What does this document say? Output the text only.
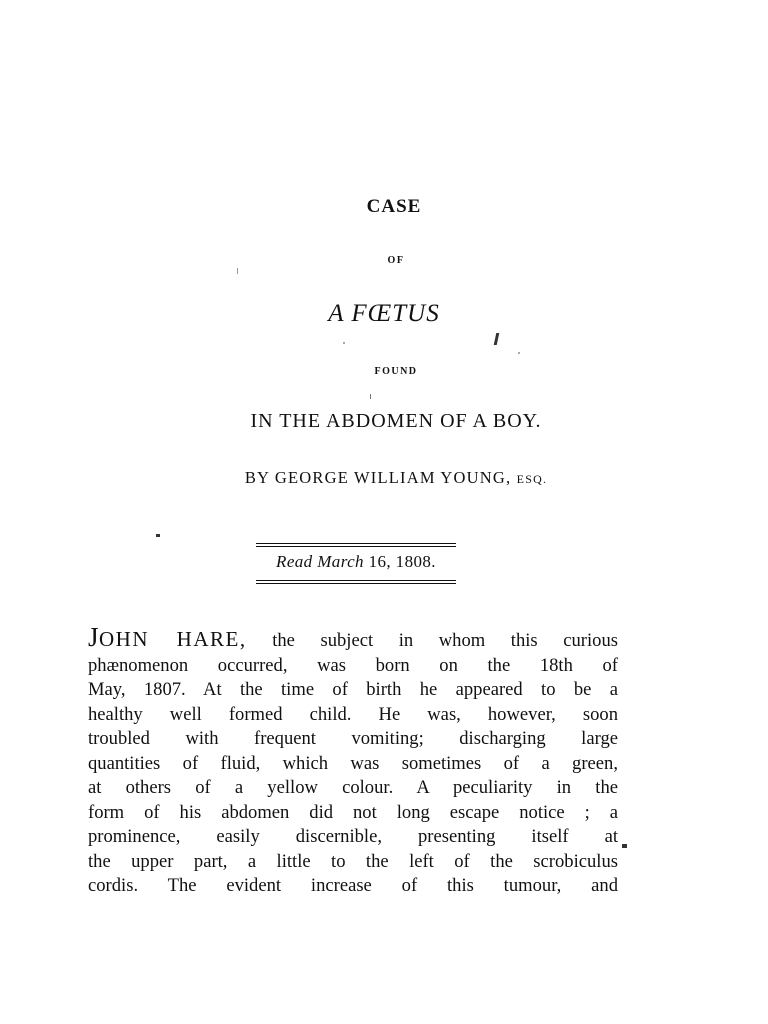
CASE
OF
A FŒTUS
FOUND
IN THE ABDOMEN OF A BOY.
BY GEORGE WILLIAM YOUNG, ESQ.
Read March 16, 1808.
JOHN HARE, the subject in whom this curious
phænomenon occurred, was born on the 18th of
May, 1807. At the time of birth he appeared to be a
healthy well formed child. He was, however, soon
troubled with frequent vomiting; discharging large
quantities of fluid, which was sometimes of a green,
at others of a yellow colour. A peculiarity in the
form of his abdomen did not long escape notice ; a
prominence, easily discernible, presenting itself at
the upper part, a little to the left of the scrobiculus
cordis. The evident increase of this tumour, and
